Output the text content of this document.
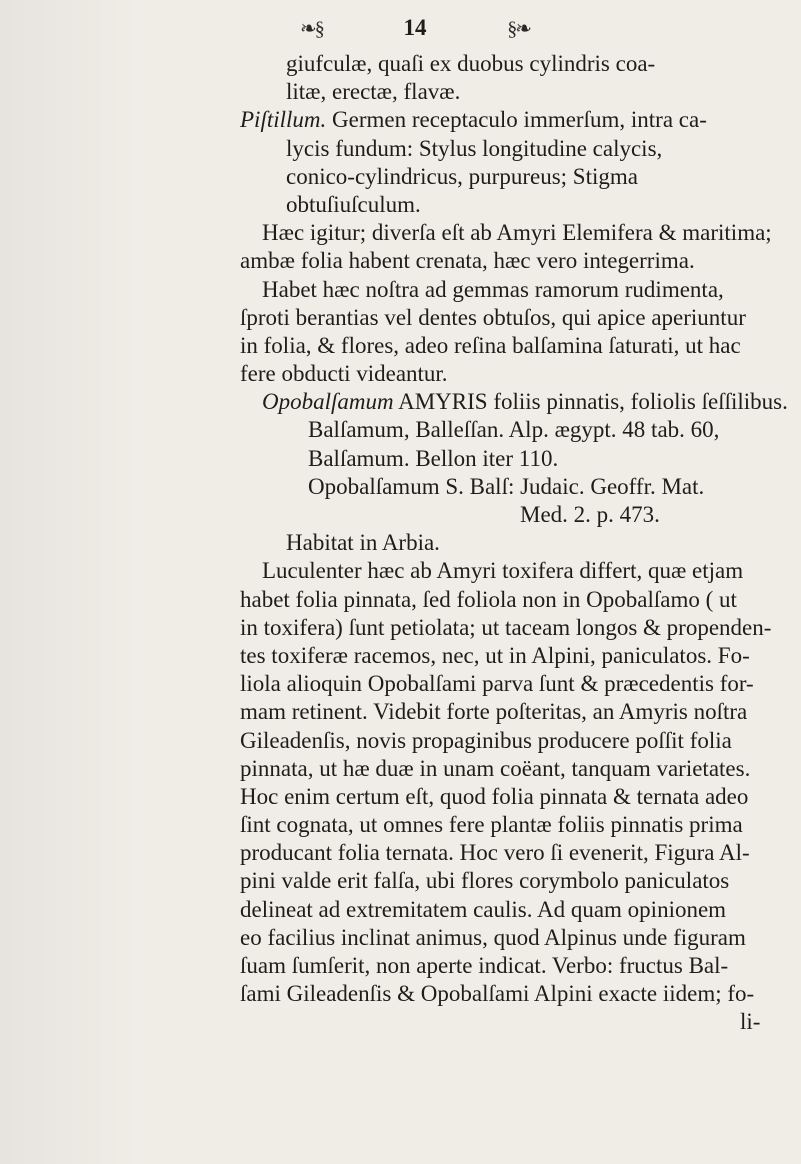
❧§	14	§❧
giufculæ, quaſi ex duobus cylindris coa-
litæ, erectæ, flavæ.
Piſtillum. Germen receptaculo immerſum, intra ca-
lycis fundum: Stylus longitudine calycis,
conico-cylindricus, purpureus; Stigma
obtuſiuſculum.
Hæc igitur; diverſa eſt ab Amyri Elemifera & maritima;
ambæ folia habent crenata, hæc vero integerrima.
Habet hæc noſtra ad gemmas ramorum rudimenta,
ſproti berantias vel dentes obtuſos, qui apice aperiuntur
in folia, & flores, adeo reſina balſamina ſaturati, ut hac
fere obducti videantur.
Opobalſamum AMYRIS foliis pinnatis, foliolis ſeſſilibus.
Balſamum, Balleſſan. Alp. ægypt. 48 tab. 60,
Balſamum. Bellon iter 110.
Opobalſamum S. Balſ: Judaic. Geoffr. Mat.
Med. 2. p. 473.
Habitat in Arbia.
Luculenter hæc ab Amyri toxifera differt, quæ etjam
habet folia pinnata, ſed foliola non in Opobalſamo ( ut
in toxifera) ſunt petiolata; ut taceam longos & propenden-
tes toxiferæ racemos, nec, ut in Alpini, paniculatos. Fo-
liola alioquin Opobalſami parva ſunt & præcedentis for-
mam retinent. Videbit forte poſteritas, an Amyris noſtra
Gileadenſis, novis propaginibus producere poſſit folia
pinnata, ut hæ duæ in unam coëant, tanquam varietates.
Hoc enim certum eſt, quod folia pinnata & ternata adeo
ſint cognata, ut omnes fere plantæ foliis pinnatis prima
producant folia ternata. Hoc vero ſi evenerit, Figura Al-
pini valde erit falſa, ubi flores corymbolo paniculatos
delineat ad extremitatem caulis. Ad quam opinionem
eo facilius inclinat animus, quod Alpinus unde figuram
ſuam ſumſerit, non aperte indicat. Verbo: fructus Bal-
ſami Gileadenſis & Opobalſami Alpini exacte iidem; fo-
li-
